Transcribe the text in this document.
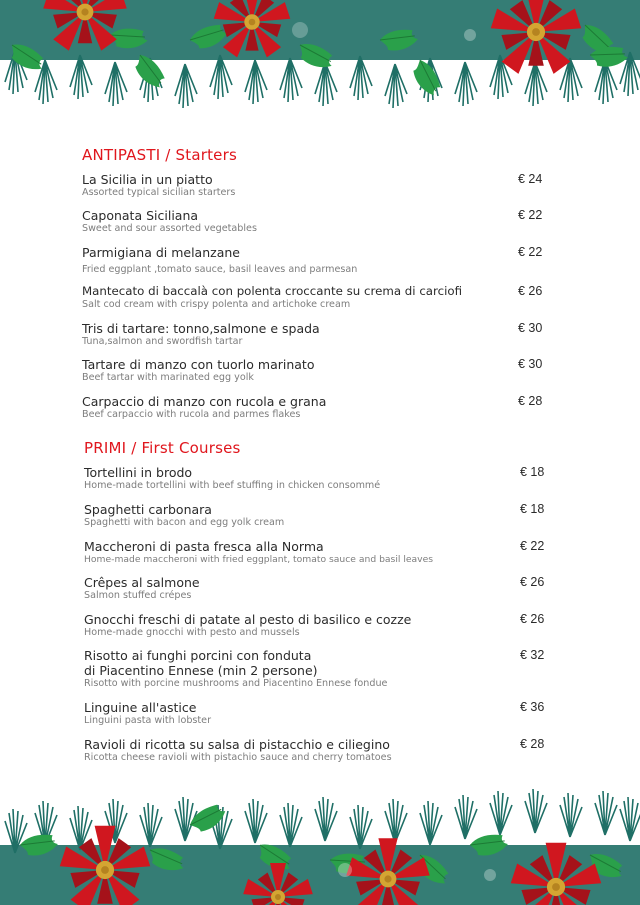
ANTIPASTI / Starters
La Sicilia in un piatto
Assorted typical sicilian starters
€ 24
Caponata Siciliana
Sweet and sour assorted vegetables
€ 22
Parmigiana di melanzane
Fried eggplant ,tomato sauce, basil leaves and parmesan
€ 22
Mantecato di baccalà con polenta croccante su crema di carciofi
Salt cod cream with crispy polenta and artichoke cream
€ 26
Tris di tartare: tonno,salmone e spada
Tuna,salmon and swordfish tartar
€ 30
Tartare di manzo con tuorlo marinato
Beef tartar with marinated egg yolk
€ 30
Carpaccio di manzo con rucola e grana
Beef carpaccio with rucola and parmes flakes
€ 28
PRIMI / First Courses
Tortellini in brodo
Home-made tortellini with beef stuffing in chicken consommé
€ 18
Spaghetti carbonara
Spaghetti with bacon and egg yolk cream
€ 18
Maccheroni di pasta fresca alla Norma
Home-made maccheroni with fried eggplant, tomato sauce and basil leaves
€ 22
Crêpes al salmone
Salmon stuffed crépes
€ 26
Gnocchi freschi di patate al pesto di basilico e cozze
Home-made gnocchi with pesto and mussels
€ 26
Risotto ai funghi porcini con fonduta
di Piacentino Ennese (min 2 persone)
Risotto with porcine mushrooms and Piacentino Ennese fondue
€ 32
Linguine all'astice
Linguini pasta with lobster
€ 36
Ravioli di ricotta su salsa di pistacchio e ciliegino
Ricotta cheese ravioli with pistachio sauce and cherry tomatoes
€ 28
